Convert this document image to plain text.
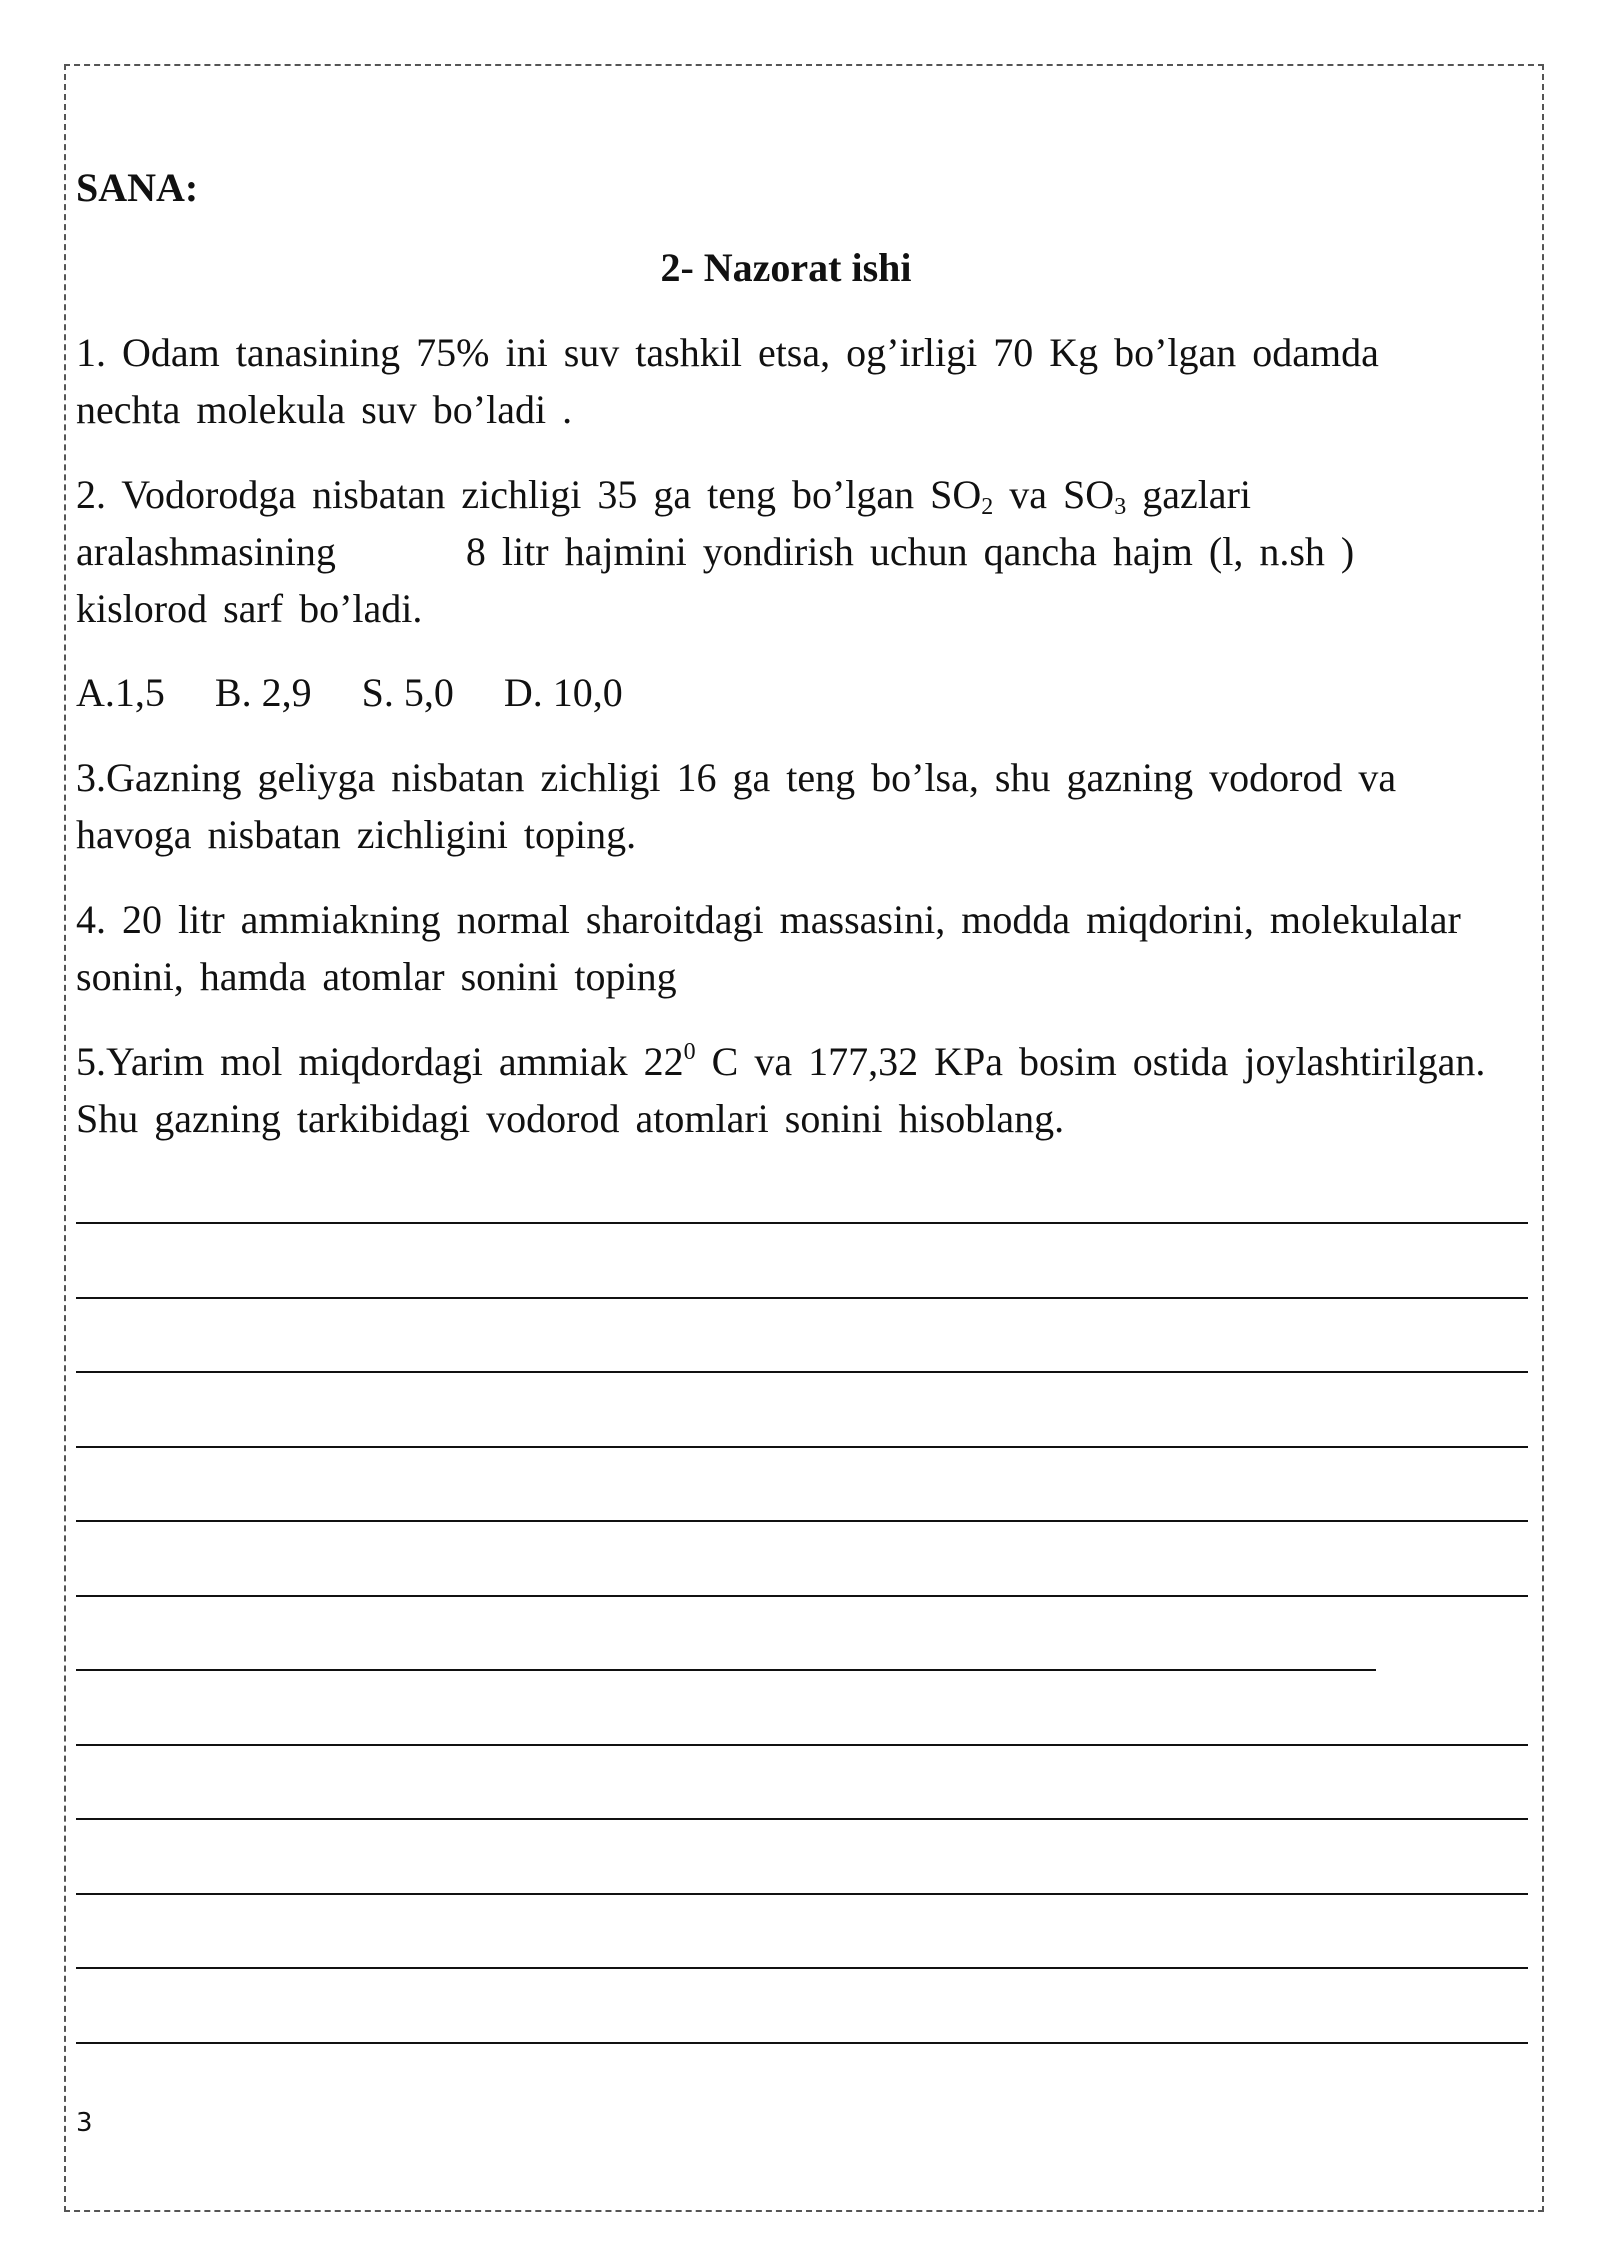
SANA:
2- Nazorat ishi
1. Odam tanasining 75% ini suv tashkil etsa, og’irligi 70 Kg bo’lgan odamda nechta molekula suv bo’ladi .
2. Vodorodga nisbatan zichligi 35 ga teng bo’lgan $SO_2$ va $SO_3$ gazlari aralashmasining	8 litr hajmini yondirish uchun qancha hajm (l, n.sh ) kislorod sarf bo’ladi.
A.1,5 B. 2,9 S. 5,0 D. 10,0
3.Gazning geliyga nisbatan zichligi 16 ga teng bo’lsa, shu gazning vodorod va havoga nisbatan zichligini toping.
4. 20 litr ammiakning normal sharoitdagi massasini, modda miqdorini, molekulalar sonini, hamda atomlar sonini toping
5.Yarim mol miqdordagi ammiak $22^0$ C va 177,32 KPa bosim ostida joylashtirilgan. Shu gazning tarkibidagi vodorod atomlari sonini hisoblang.
3
